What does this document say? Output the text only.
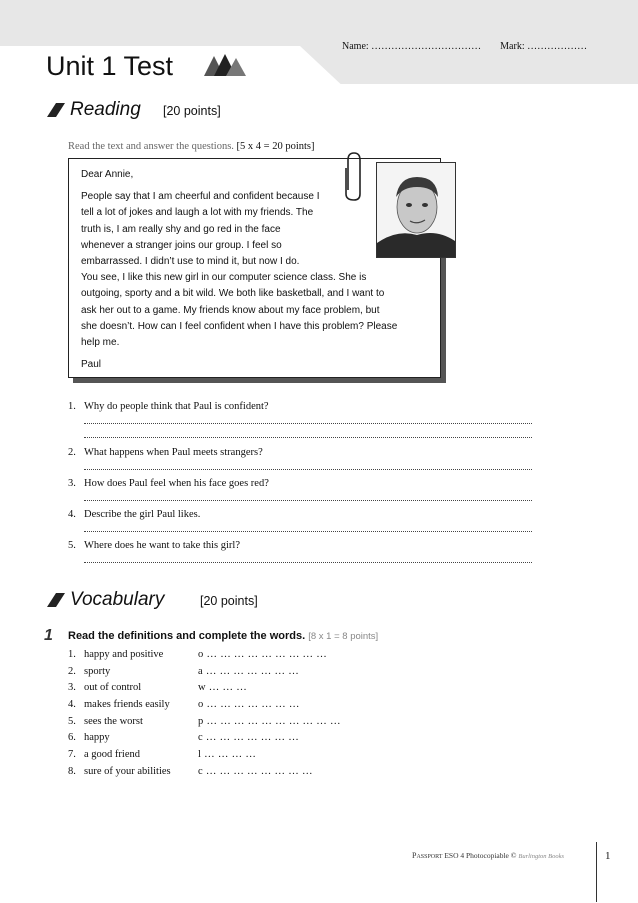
Name: …………………………… Mark: ………………
Unit 1 Test
Reading [20 points]
Read the text and answer the questions. [5 x 4 = 20 points]

Dear Annie,

People say that I am cheerful and confident because I

tell a lot of jokes and laugh a lot with my friends. The

truth is, I am really shy and go red in the face

whenever a stranger joins our group. I feel so

embarrassed. I didn’t use to mind it, but now I do.

You see, I like this new girl in our computer science class. She is

outgoing, sporty and a bit wild. We both like basketball, and I want to

ask her out to a game. My friends know about my face problem, but

she doesn’t. How can I feel confident when I have this problem? Please

help me.

Paul

1. Why do people think that Paul is confident?
2. What happens when Paul meets strangers?
3. How does Paul feel when his face goes red?
4. Describe the girl Paul likes.
5. Where does he want to take this girl?
Vocabulary	[20 points]
1 Read the definitions and complete the words. [8 x 1 = 8 points]
1. happy and positive	o … … … … … … … … …
2. sporty	a … … … … … … …
3. out of control	w … … …
4. makes friends easily	o … … … … … … …
5. sees the worst	p … … … … … … … … … …
6. happy	c … … … … … … …
7. a good friend	l … … … …
8. sure of your abilities	c … … … … … … … …
Passport ESO 4 Photocopiable © Burlington Books	1
